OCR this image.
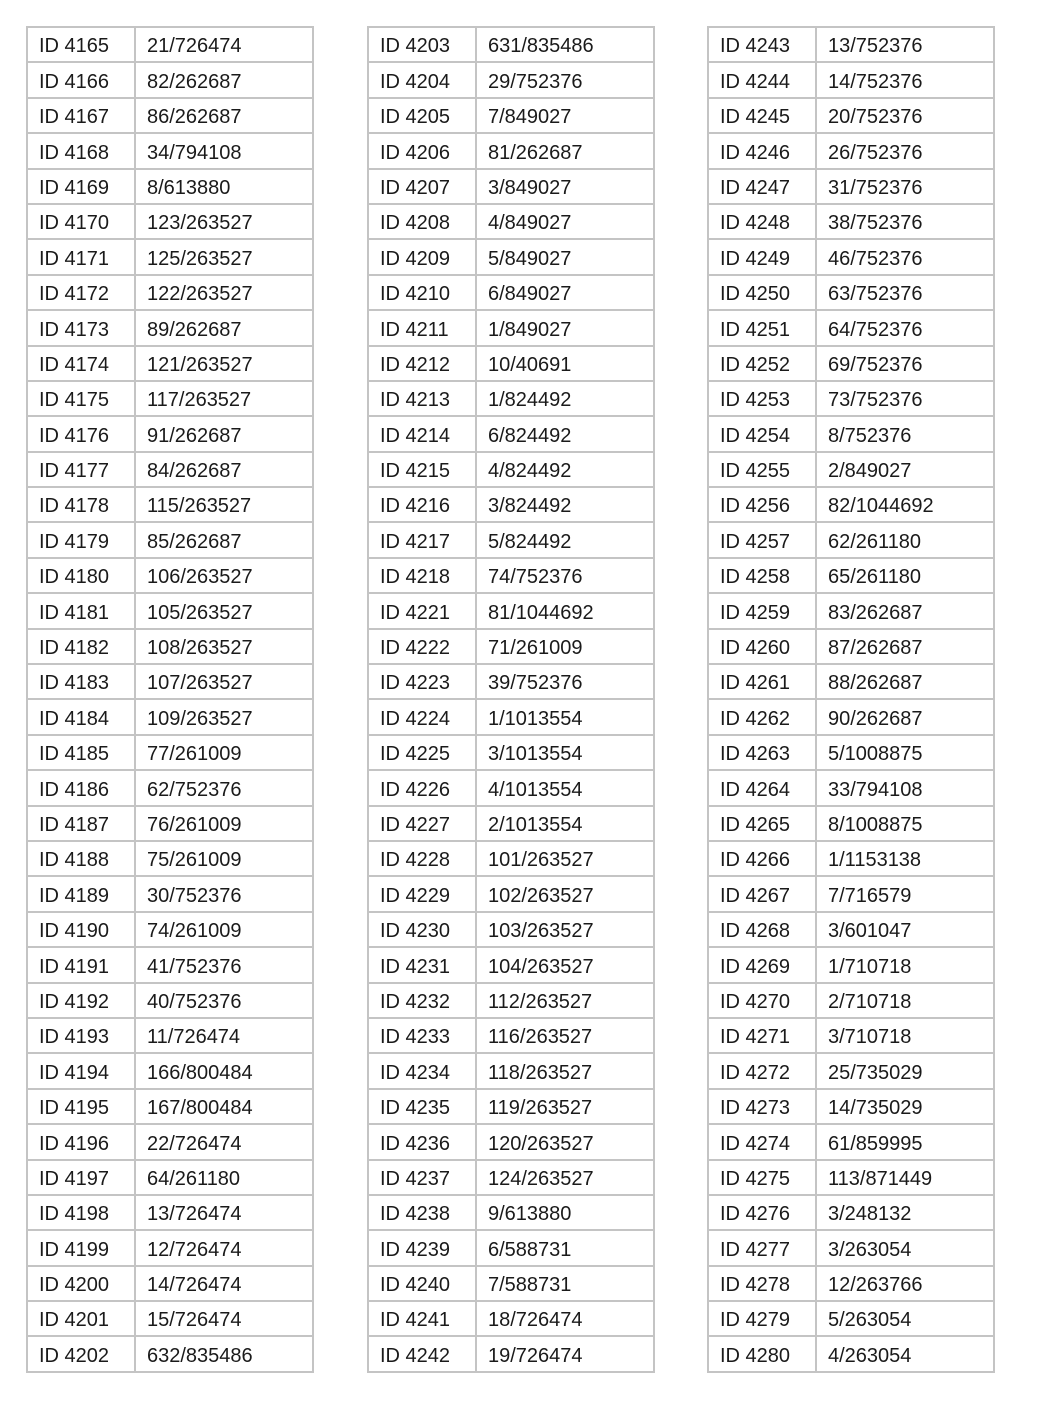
ID 4165	21/726474
ID 4166	82/262687
ID 4167	86/262687
ID 4168	34/794108
ID 4169	8/613880
ID 4170	123/263527
ID 4171	125/263527
ID 4172	122/263527
ID 4173	89/262687
ID 4174	121/263527
ID 4175	117/263527
ID 4176	91/262687
ID 4177	84/262687
ID 4178	115/263527
ID 4179	85/262687
ID 4180	106/263527
ID 4181	105/263527
ID 4182	108/263527
ID 4183	107/263527
ID 4184	109/263527
ID 4185	77/261009
ID 4186	62/752376
ID 4187	76/261009
ID 4188	75/261009
ID 4189	30/752376
ID 4190	74/261009
ID 4191	41/752376
ID 4192	40/752376
ID 4193	11/726474
ID 4194	166/800484
ID 4195	167/800484
ID 4196	22/726474
ID 4197	64/261180
ID 4198	13/726474
ID 4199	12/726474
ID 4200	14/726474
ID 4201	15/726474
ID 4202	632/835486
ID 4203	631/835486
ID 4204	29/752376
ID 4205	7/849027
ID 4206	81/262687
ID 4207	3/849027
ID 4208	4/849027
ID 4209	5/849027
ID 4210	6/849027
ID 4211	1/849027
ID 4212	10/40691
ID 4213	1/824492
ID 4214	6/824492
ID 4215	4/824492
ID 4216	3/824492
ID 4217	5/824492
ID 4218	74/752376
ID 4221	81/1044692
ID 4222	71/261009
ID 4223	39/752376
ID 4224	1/1013554
ID 4225	3/1013554
ID 4226	4/1013554
ID 4227	2/1013554
ID 4228	101/263527
ID 4229	102/263527
ID 4230	103/263527
ID 4231	104/263527
ID 4232	112/263527
ID 4233	116/263527
ID 4234	118/263527
ID 4235	119/263527
ID 4236	120/263527
ID 4237	124/263527
ID 4238	9/613880
ID 4239	6/588731
ID 4240	7/588731
ID 4241	18/726474
ID 4242	19/726474
ID 4243	13/752376
ID 4244	14/752376
ID 4245	20/752376
ID 4246	26/752376
ID 4247	31/752376
ID 4248	38/752376
ID 4249	46/752376
ID 4250	63/752376
ID 4251	64/752376
ID 4252	69/752376
ID 4253	73/752376
ID 4254	8/752376
ID 4255	2/849027
ID 4256	82/1044692
ID 4257	62/261180
ID 4258	65/261180
ID 4259	83/262687
ID 4260	87/262687
ID 4261	88/262687
ID 4262	90/262687
ID 4263	5/1008875
ID 4264	33/794108
ID 4265	8/1008875
ID 4266	1/1153138
ID 4267	7/716579
ID 4268	3/601047
ID 4269	1/710718
ID 4270	2/710718
ID 4271	3/710718
ID 4272	25/735029
ID 4273	14/735029
ID 4274	61/859995
ID 4275	113/871449
ID 4276	3/248132
ID 4277	3/263054
ID 4278	12/263766
ID 4279	5/263054
ID 4280	4/263054
